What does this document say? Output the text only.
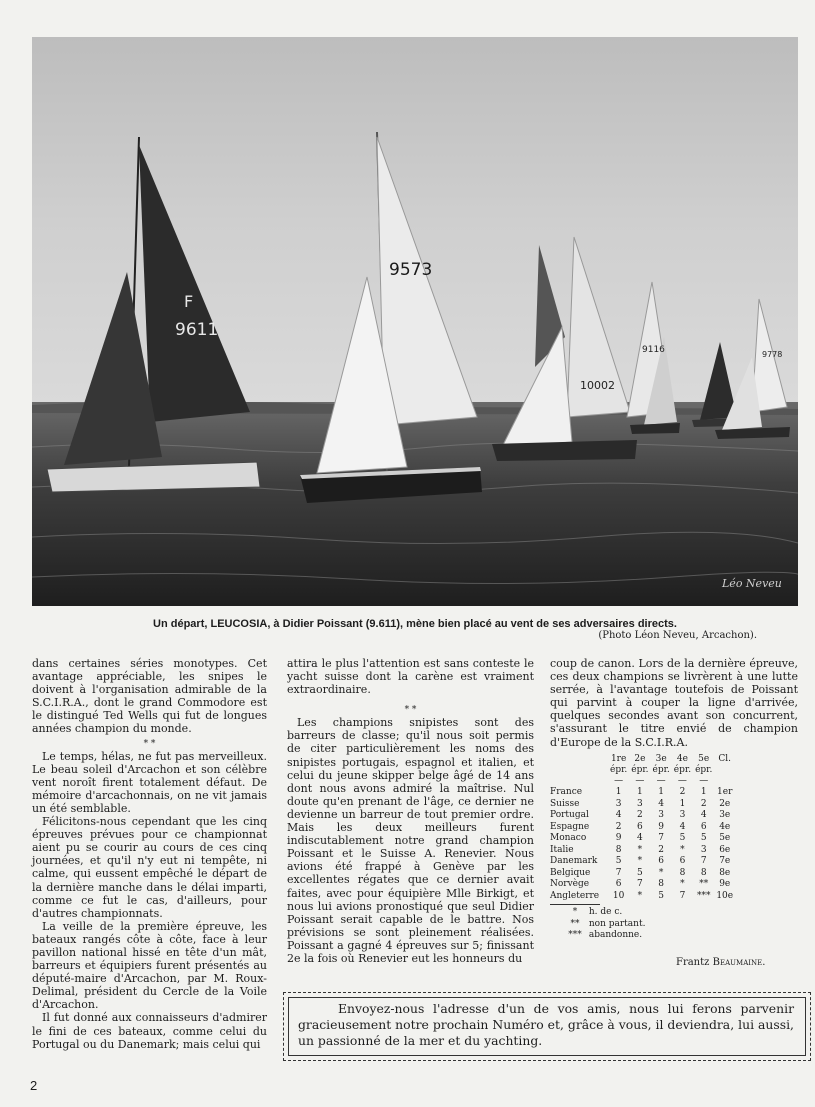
F
9611
9573
10002
9116	9778
Léo Neveu
Un départ, LEUCOSIA, à Didier Poissant (9.611), mène bien placé au vent de ses adversaires directs.
(Photo Léon Neveu, Arcachon).

dans certaines séries monotypes. Cet avantage appréciable, les snipes le doivent à l'organisation admirable de la S.C.I.R.A., dont le grand Commodore est le distingué Ted Wells qui fut de longues années champion du monde.

* *

Le temps, hélas, ne fut pas merveilleux. Le beau soleil d'Arcachon et son célèbre vent noroît firent totalement défaut. De mémoire d'arcachonnais, on ne vit jamais un été semblable.

Félicitons-nous cependant que les cinq épreuves prévues pour ce championnat aient pu se courir au cours de ces cinq journées, et qu'il n'y eut ni tempête, ni calme, qui eussent empêché le départ de la dernière manche dans le délai imparti, comme ce fut le cas, d'ailleurs, pour d'autres championnats.

La veille de la première épreuve, les bateaux rangés côte à côte, face à leur pavillon national hissé en tête d'un mât, barreurs et équipiers furent présentés au député-maire d'Arcachon, par M. Roux-Delimal, président du Cercle de la Voile d'Arcachon.

Il fut donné aux connaisseurs d'admirer le fini de ces bateaux, comme celui du Portugal ou du Danemark; mais celui qui

attira le plus l'attention est sans conteste le yacht suisse dont la carène est vraiment extraordinaire.

* *

Les champions snipistes sont des barreurs de classe; qu'il nous soit permis de citer particulièrement les noms des snipistes portugais, espagnol et italien, et celui du jeune skipper belge âgé de 14 ans dont nous avons admiré la maîtrise. Nul doute qu'en prenant de l'âge, ce dernier ne devienne un barreur de tout premier ordre. Mais les deux meilleurs furent indiscutablement notre grand champion Poissant et le Suisse A. Renevier. Nous avions été frappé à Genève par les excellentes régates que ce dernier avait faites, avec pour équipière Mlle Birkigt, et nous lui avions pronostiqué que seul Didier Poissant serait capable de le battre. Nos prévisions se sont pleinement réalisées. Poissant a gagné 4 épreuves sur 5; finissant 2e la fois où Renevier eut les honneurs du

coup de canon. Lors de la dernière épreuve, ces deux champions se livrèrent à une lutte serrée, à l'avantage toutefois de Poissant qui parvint à couper la ligne d'arrivée, quelques secondes avant son concurrent, s'assurant le titre envié de champion d'Europe de la S.C.I.R.A.

	1re	2e	3e	4e	5e	Cl.
	épr.	épr.	épr.	épr.	épr.	
	—	—	—	—	—	
France	1	1	1	2	1	1er
Suisse	3	3	4	1	2	2e
Portugal	4	2	3	3	4	3e
Espagne	2	6	9	4	6	4e
Monaco	9	4	7	5	5	5e
Italie	8	*	2	*	3	6e
Danemark	5	*	6	6	7	7e
Belgique	7	5	*	8	8	8e
Norvège	6	7	8	*	**	9e
Angleterre	10	*	5	7	***	10e
* h. de c.
** non partant.
*** abandonne.
Frantz Beaumaine.

Envoyez-nous l'adresse d'un de vos amis, nous lui ferons parvenir gracieusement notre prochain Numéro et, grâce à vous, il deviendra, lui aussi, un passionné de la mer et du yachting.

2
